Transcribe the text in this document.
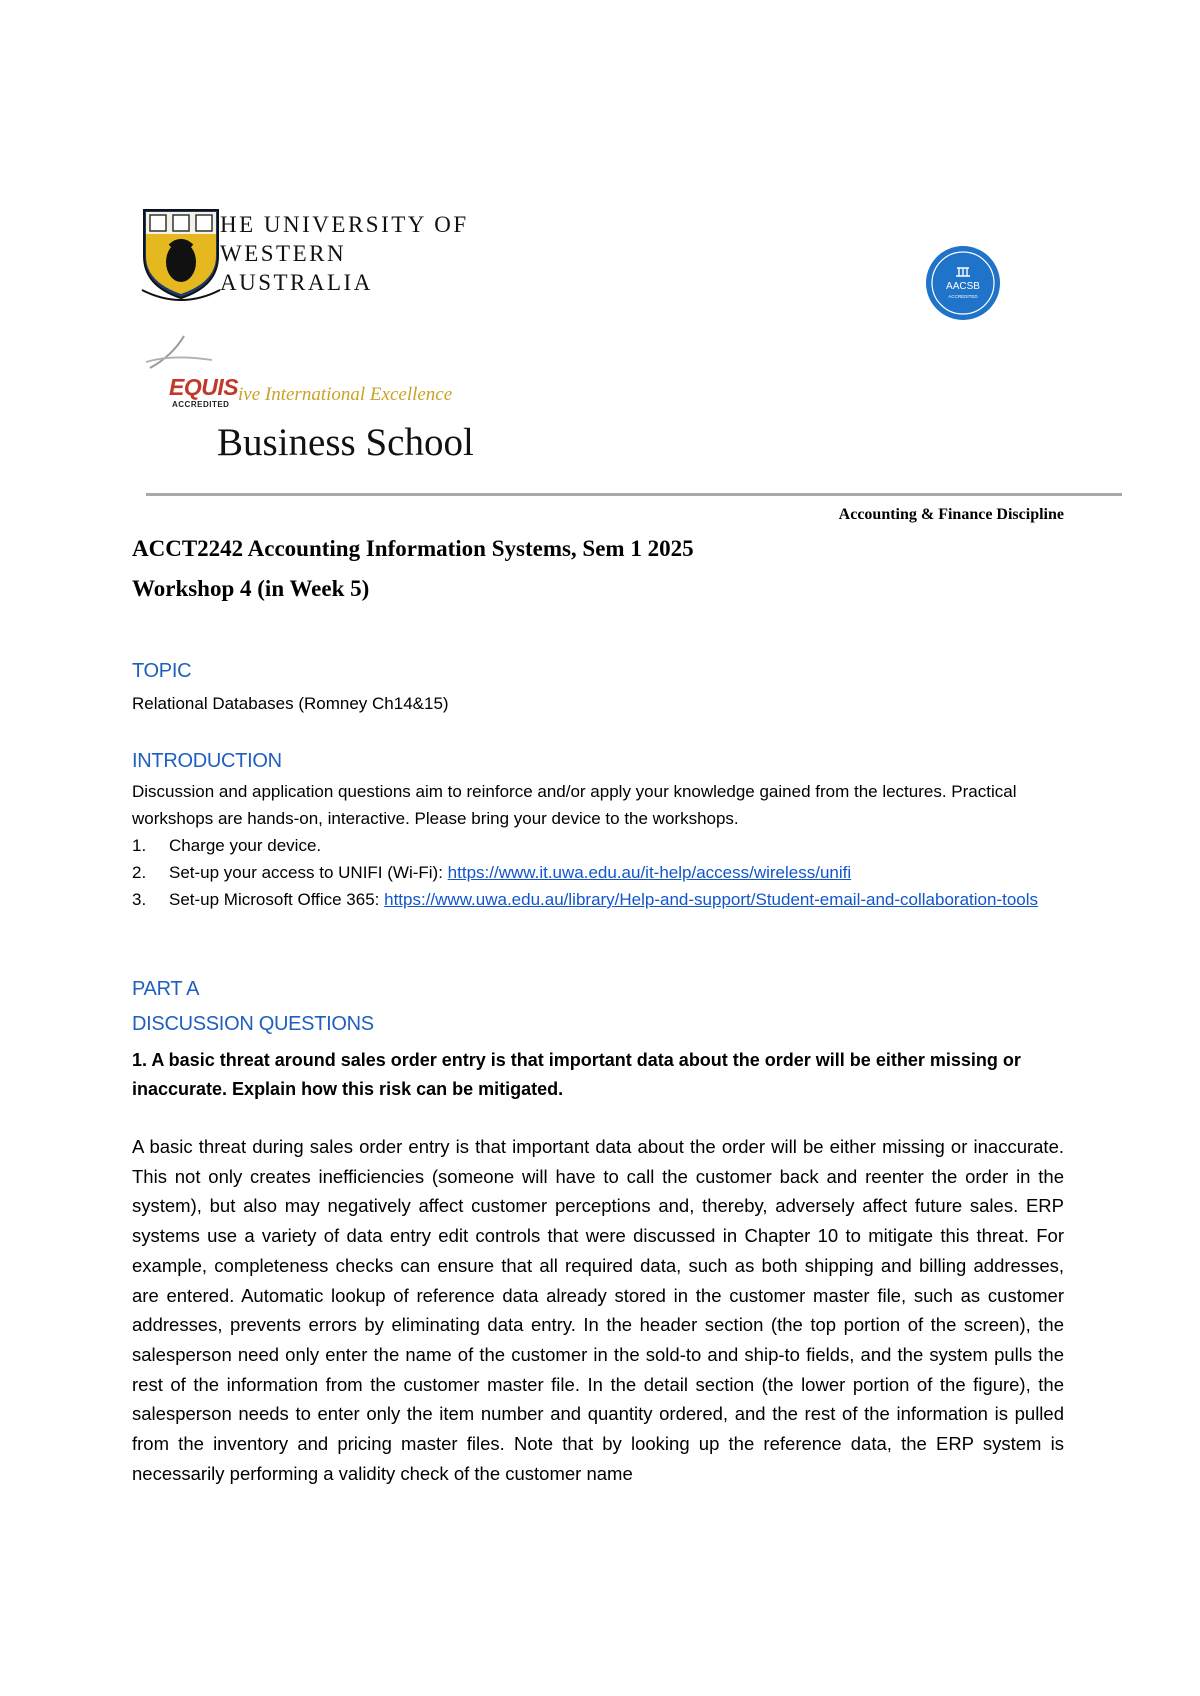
HE UNIVERSITY OF
WESTERN AUSTRALIA	AACSB
ACCREDITED
EQUIS
ACCREDITED ive International Excellence
Business School
Accounting & Finance Discipline
ACCT2242 Accounting Information Systems, Sem 1 2025
Workshop 4 (in Week 5)
TOPIC
Relational Databases (Romney Ch14&15)
INTRODUCTION
Discussion and application questions aim to reinforce and/or apply your knowledge gained from the lectures. Practical workshops are hands-on, interactive. Please bring your device to the workshops.
1. Charge your device.
2. Set-up your access to UNIFI (Wi-Fi): https://www.it.uwa.edu.au/it-help/access/wireless/unifi
3. Set-up Microsoft Office 365: https://www.uwa.edu.au/library/Help-and-support/Student-email-and-collaboration-tools
PART A
DISCUSSION QUESTIONS
1. A basic threat around sales order entry is that important data about the order will be either missing or inaccurate. Explain how this risk can be mitigated.
A basic threat during sales order entry is that important data about the order will be either missing or inaccurate. This not only creates inefficiencies (someone will have to call the customer back and reenter the order in the system), but also may negatively affect customer perceptions and, thereby, adversely affect future sales. ERP systems use a variety of data entry edit controls that were discussed in Chapter 10 to mitigate this threat. For example, completeness checks can ensure that all required data, such as both shipping and billing addresses, are entered. Automatic lookup of reference data already stored in the customer master file, such as customer addresses, prevents errors by eliminating data entry. In the header section (the top portion of the screen), the salesperson need only enter the name of the customer in the sold-to and ship-to fields, and the system pulls the rest of the information from the customer master file. In the detail section (the lower portion of the figure), the salesperson needs to enter only the item number and quantity ordered, and the rest of the information is pulled from the inventory and pricing master files. Note that by looking up the reference data, the ERP system is necessarily performing a validity check of the customer name
